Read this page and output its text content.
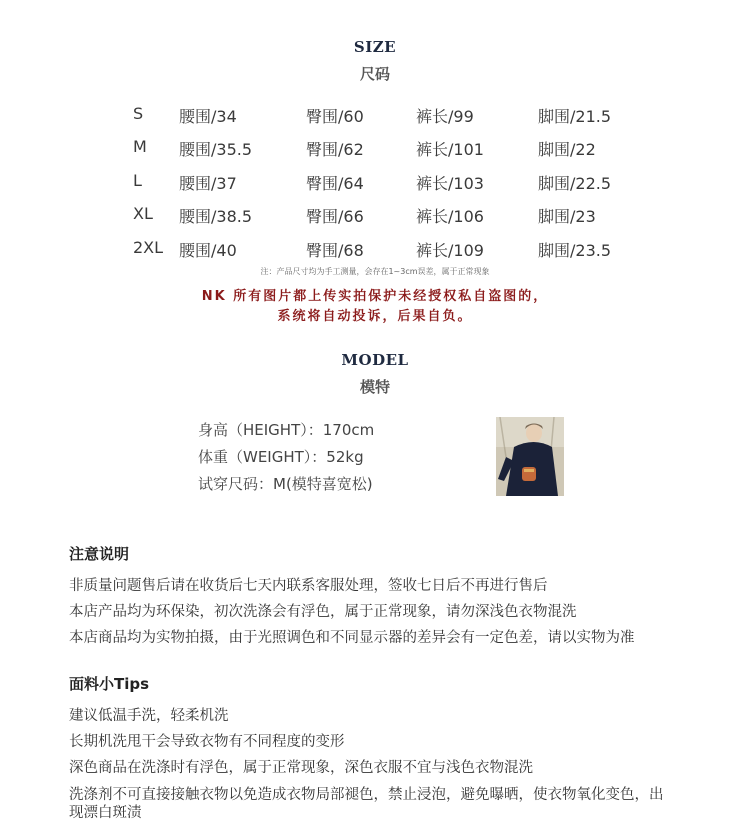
SIZE
尺码
S 腰围/34	臀围/60	裤长/99	脚围/21.5
M 腰围/35.5	臀围/62	裤长/101	脚围/22
L 腰围/37	臀围/64	裤长/103	脚围/22.5
XL 腰围/38.5	臀围/66	裤长/106	脚围/23
2XL 腰围/40	臀围/68	裤长/109	脚围/23.5
注：产品尺寸均为手工测量，会存在1~3cm误差，属于正常现象
NK 所有图片都上传实拍保护未经授权私自盗图的，
系统将自动投诉，后果自负。
MODEL
模特
身高（HEIGHT）：170cm
体重（WEIGHT）：52kg
试穿尺码：M(模特喜宽松)
注意说明
非质量问题售后请在收货后七天内联系客服处理，签收七日后不再进行售后
本店产品均为环保染，初次洗涤会有浮色，属于正常现象，请勿深浅色衣物混洗
本店商品均为实物拍摄，由于光照调色和不同显示器的差异会有一定色差，请以实物为准
面料小Tips
建议低温手洗，轻柔机洗
长期机洗甩干会导致衣物有不同程度的变形
深色商品在洗涤时有浮色，属于正常现象，深色衣服不宜与浅色衣物混洗
洗涤剂不可直接接触衣物以免造成衣物局部褪色，禁止浸泡，避免曝晒，使衣物氧化变色，出
现漂白斑渍
